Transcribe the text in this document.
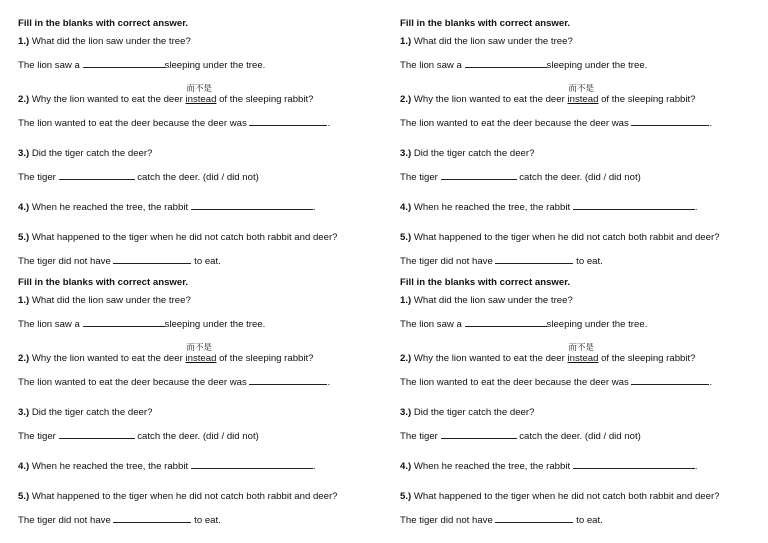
Fill in the blanks with correct answer.
1.) What did the lion saw under the tree?
The lion saw a	sleeping under the tree.
2.) Why the lion wanted to eat the deer instead
而不是
of the sleeping rabbit?
The lion wanted to eat the deer because the deer was	.
3.) Did the tiger catch the deer?
The tiger	catch the deer. (did / did not)
4.) When he reached the tree, the rabbit	.
5.) What happened to the tiger when he did not catch both rabbit and deer?
The tiger did not have	to eat.
Fill in the blanks with correct answer.
1.) What did the lion saw under the tree?
The lion saw a	sleeping under the tree.
2.) Why the lion wanted to eat the deer instead
而不是
of the sleeping rabbit?
The lion wanted to eat the deer because the deer was	.
3.) Did the tiger catch the deer?
The tiger	catch the deer. (did / did not)
4.) When he reached the tree, the rabbit	.
5.) What happened to the tiger when he did not catch both rabbit and deer?
The tiger did not have	to eat.
Fill in the blanks with correct answer.
1.) What did the lion saw under the tree?
The lion saw a	sleeping under the tree.
2.) Why the lion wanted to eat the deer instead
而不是
of the sleeping rabbit?
The lion wanted to eat the deer because the deer was	.
3.) Did the tiger catch the deer?
The tiger	catch the deer. (did / did not)
4.) When he reached the tree, the rabbit	.
5.) What happened to the tiger when he did not catch both rabbit and deer?
The tiger did not have	to eat.
Fill in the blanks with correct answer.
1.) What did the lion saw under the tree?
The lion saw a	sleeping under the tree.
2.) Why the lion wanted to eat the deer instead
而不是
of the sleeping rabbit?
The lion wanted to eat the deer because the deer was	.
3.) Did the tiger catch the deer?
The tiger	catch the deer. (did / did not)
4.) When he reached the tree, the rabbit	.
5.) What happened to the tiger when he did not catch both rabbit and deer?
The tiger did not have	to eat.
